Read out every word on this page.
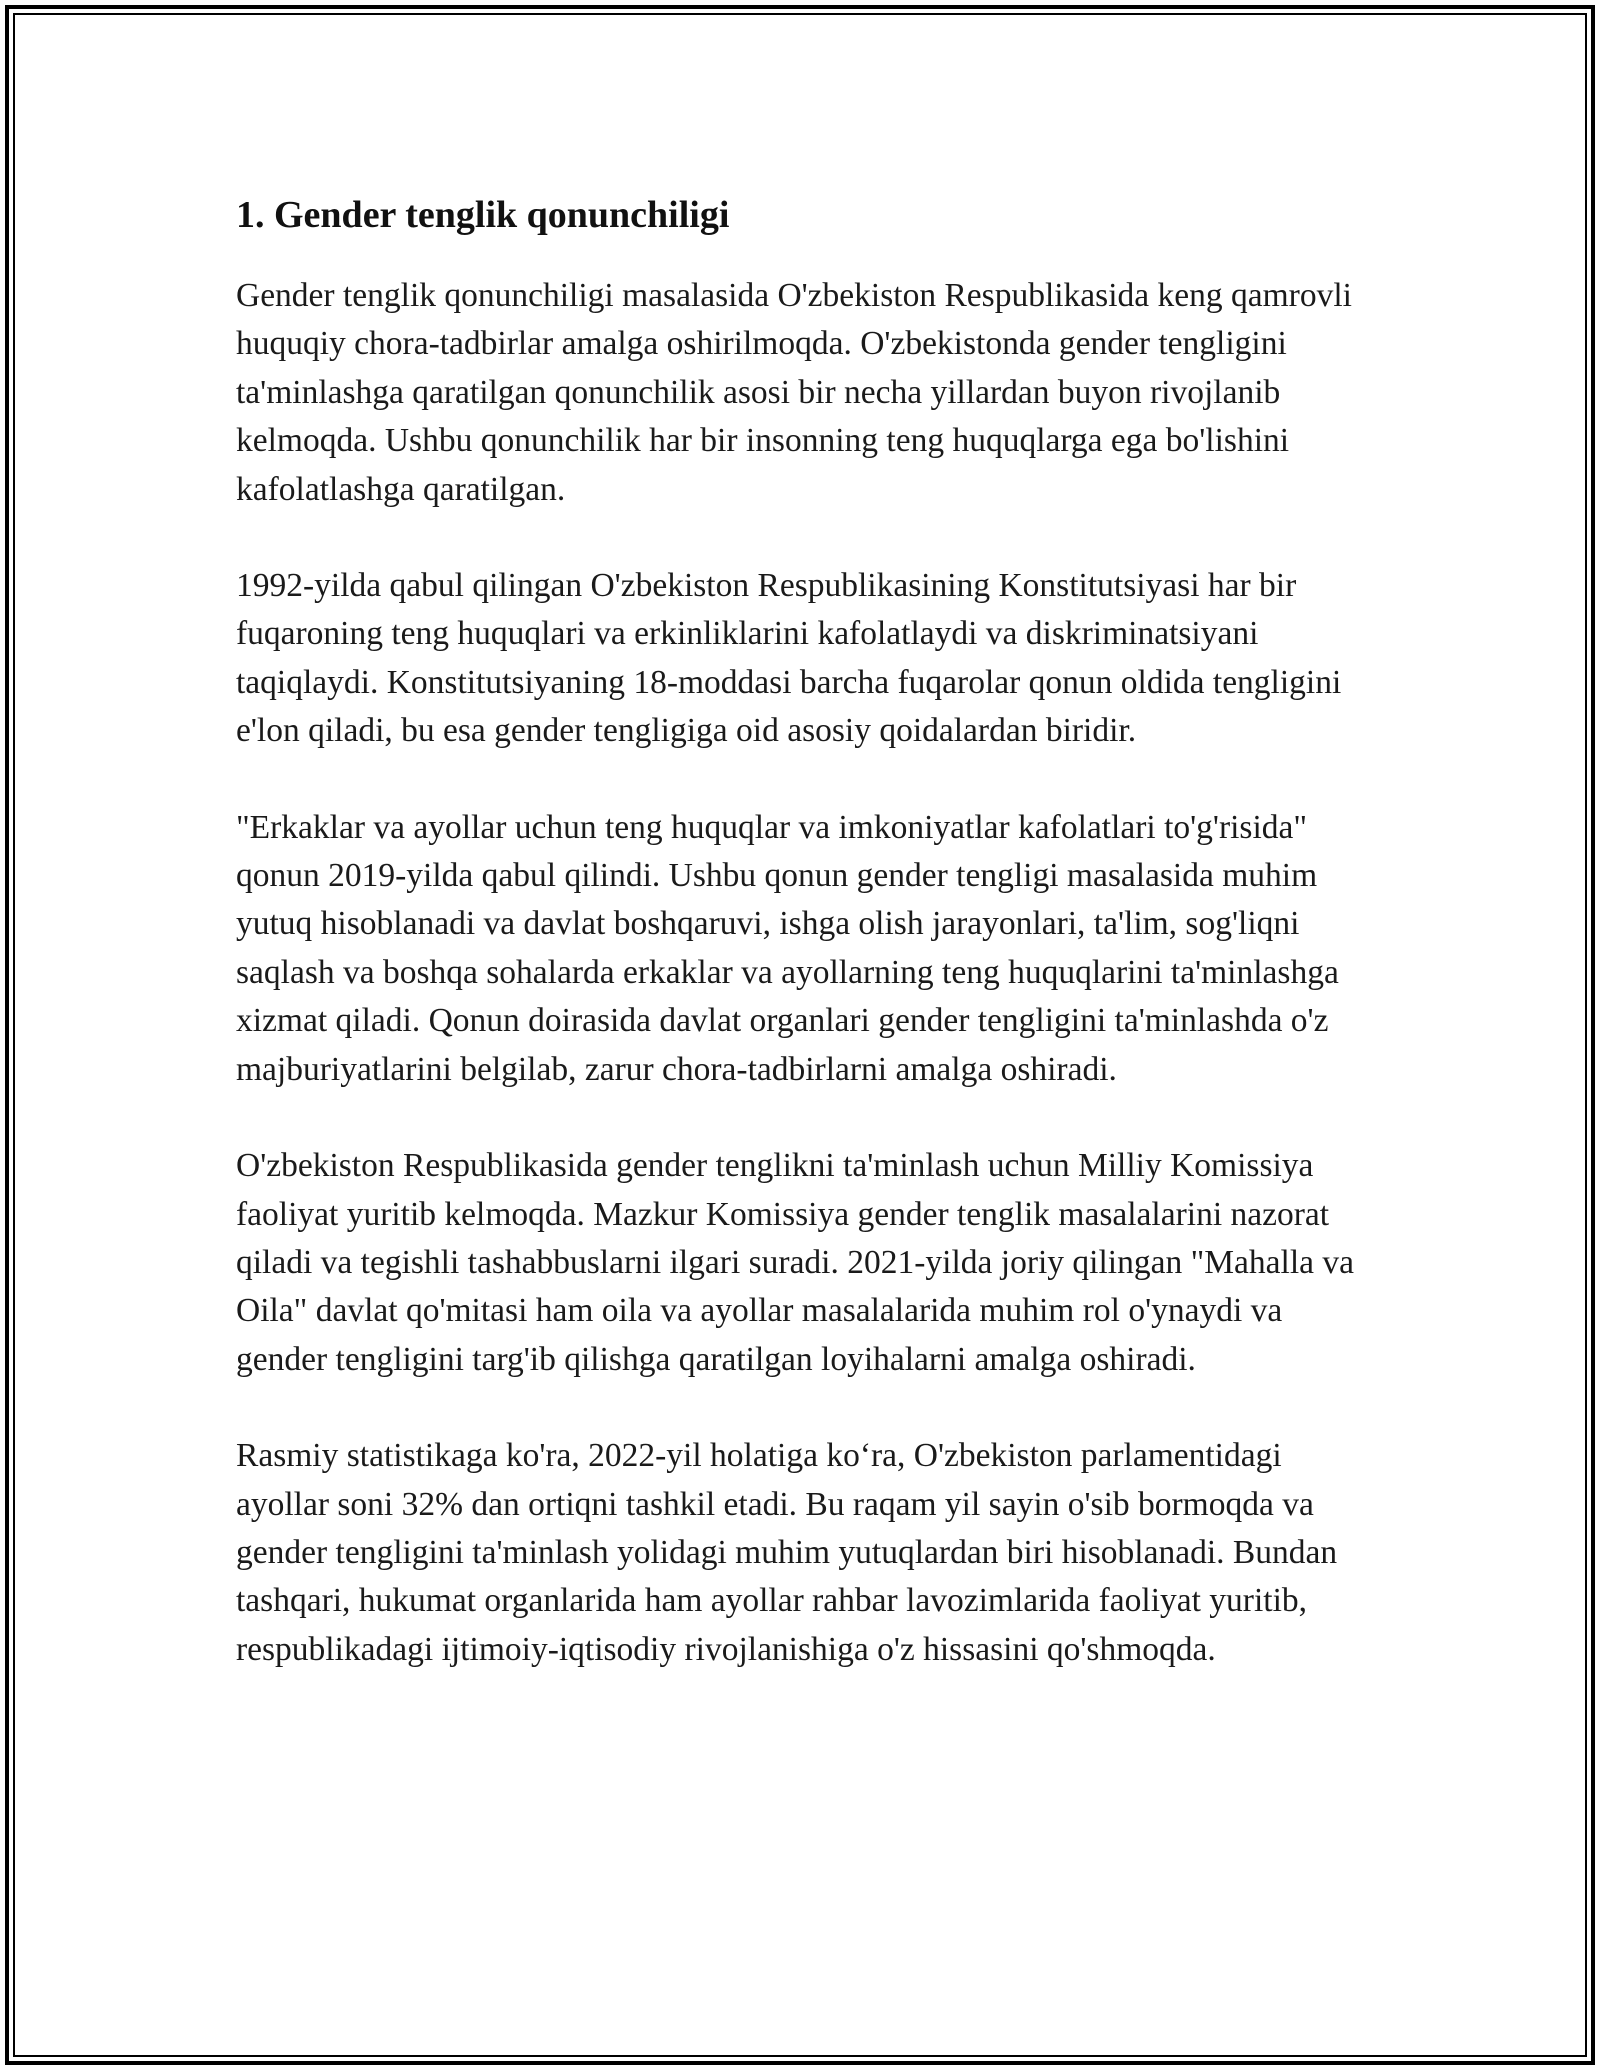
1. Gender tenglik qonunchiligi

Gender tenglik qonunchiligi masalasida O'zbekiston Respublikasida keng qamrovli huquqiy chora-tadbirlar amalga oshirilmoqda. O'zbekistonda gender tengligini ta'minlashga qaratilgan qonunchilik asosi bir necha yillardan buyon rivojlanib kelmoqda. Ushbu qonunchilik har bir insonning teng huquqlarga ega bo'lishini kafolatlashga qaratilgan.

1992-yilda qabul qilingan O'zbekiston Respublikasining Konstitutsiyasi har bir fuqaroning teng huquqlari va erkinliklarini kafolatlaydi va diskriminatsiyani taqiqlaydi. Konstitutsiyaning 18-moddasi barcha fuqarolar qonun oldida tengligini e'lon qiladi, bu esa gender tengligiga oid asosiy qoidalardan biridir.

"Erkaklar va ayollar uchun teng huquqlar va imkoniyatlar kafolatlari to'g'risida" qonun 2019-yilda qabul qilindi. Ushbu qonun gender tengligi masalasida muhim yutuq hisoblanadi va davlat boshqaruvi, ishga olish jarayonlari, ta'lim, sog'liqni saqlash va boshqa sohalarda erkaklar va ayollarning teng huquqlarini ta'minlashga xizmat qiladi. Qonun doirasida davlat organlari gender tengligini ta'minlashda o'z majburiyatlarini belgilab, zarur chora-tadbirlarni amalga oshiradi.

O'zbekiston Respublikasida gender tenglikni ta'minlash uchun Milliy Komissiya faoliyat yuritib kelmoqda. Mazkur Komissiya gender tenglik masalalarini nazorat qiladi va tegishli tashabbuslarni ilgari suradi. 2021-yilda joriy qilingan "Mahalla va Oila" davlat qo'mitasi ham oila va ayollar masalalarida muhim rol o'ynaydi va gender tengligini targ'ib qilishga qaratilgan loyihalarni amalga oshiradi.

Rasmiy statistikaga ko'ra, 2022-yil holatiga ko‘ra, O'zbekiston parlamentidagi ayollar soni 32% dan ortiqni tashkil etadi. Bu raqam yil sayin o'sib bormoqda va gender tengligini ta'minlash yolidagi muhim yutuqlardan biri hisoblanadi. Bundan tashqari, hukumat organlarida ham ayollar rahbar lavozimlarida faoliyat yuritib, respublikadagi ijtimoiy-iqtisodiy rivojlanishiga o'z hissasini qo'shmoqda.
